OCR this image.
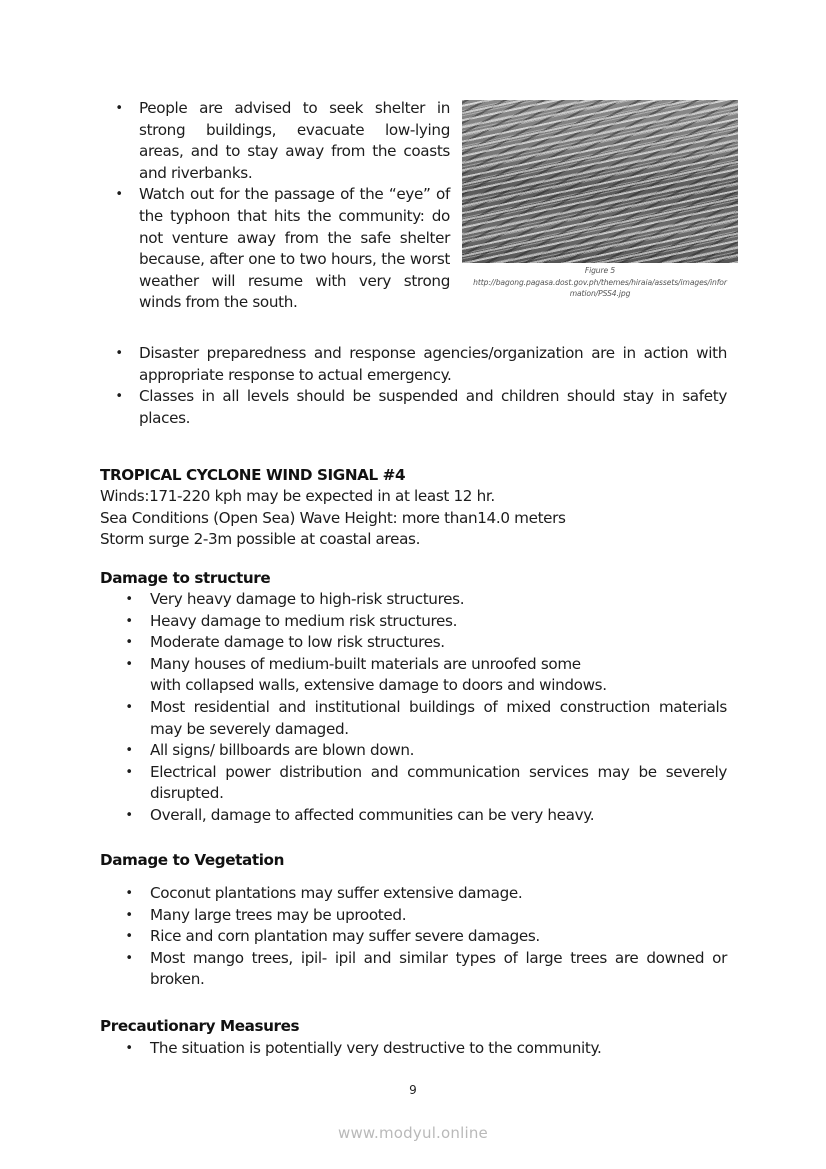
• People are advised to seek shelter in strong buildings, evacuate low-lying areas, and to stay away from the coasts and riverbanks.
• Watch out for the passage of the “eye” of the typhoon that hits the community: do not venture away from the safe shelter because, after one to two hours, the worst weather will resume with very strong winds from the south.
Figure 5
http://bagong.pagasa.dost.gov.ph/themes/hiraia/assets/images/infor
mation/PSS4.jpg
• Disaster preparedness and response agencies/organization are in action with appropriate response to actual emergency.
• Classes in all levels should be suspended and children should stay in safety places.
TROPICAL CYCLONE WIND SIGNAL #4
Winds:171-220 kph may be expected in at least 12 hr.
Sea Conditions (Open Sea) Wave Height: more than14.0 meters
Storm surge 2-3m possible at coastal areas.
Damage to structure
• Very heavy damage to high-risk structures.
• Heavy damage to medium risk structures.
• Moderate damage to low risk structures.
• Many houses of medium-built materials are unroofed some
with collapsed walls, extensive damage to doors and windows.
• Most residential and institutional buildings of mixed construction materials may be severely damaged.
• All signs/ billboards are blown down.
• Electrical power distribution and communication services may be severely disrupted.
• Overall, damage to affected communities can be very heavy.
Damage to Vegetation
• Coconut plantations may suffer extensive damage.
• Many large trees may be uprooted.
• Rice and corn plantation may suffer severe damages.
• Most mango trees, ipil- ipil and similar types of large trees are downed or broken.
Precautionary Measures
• The situation is potentially very destructive to the community.
9
www.modyul.online
